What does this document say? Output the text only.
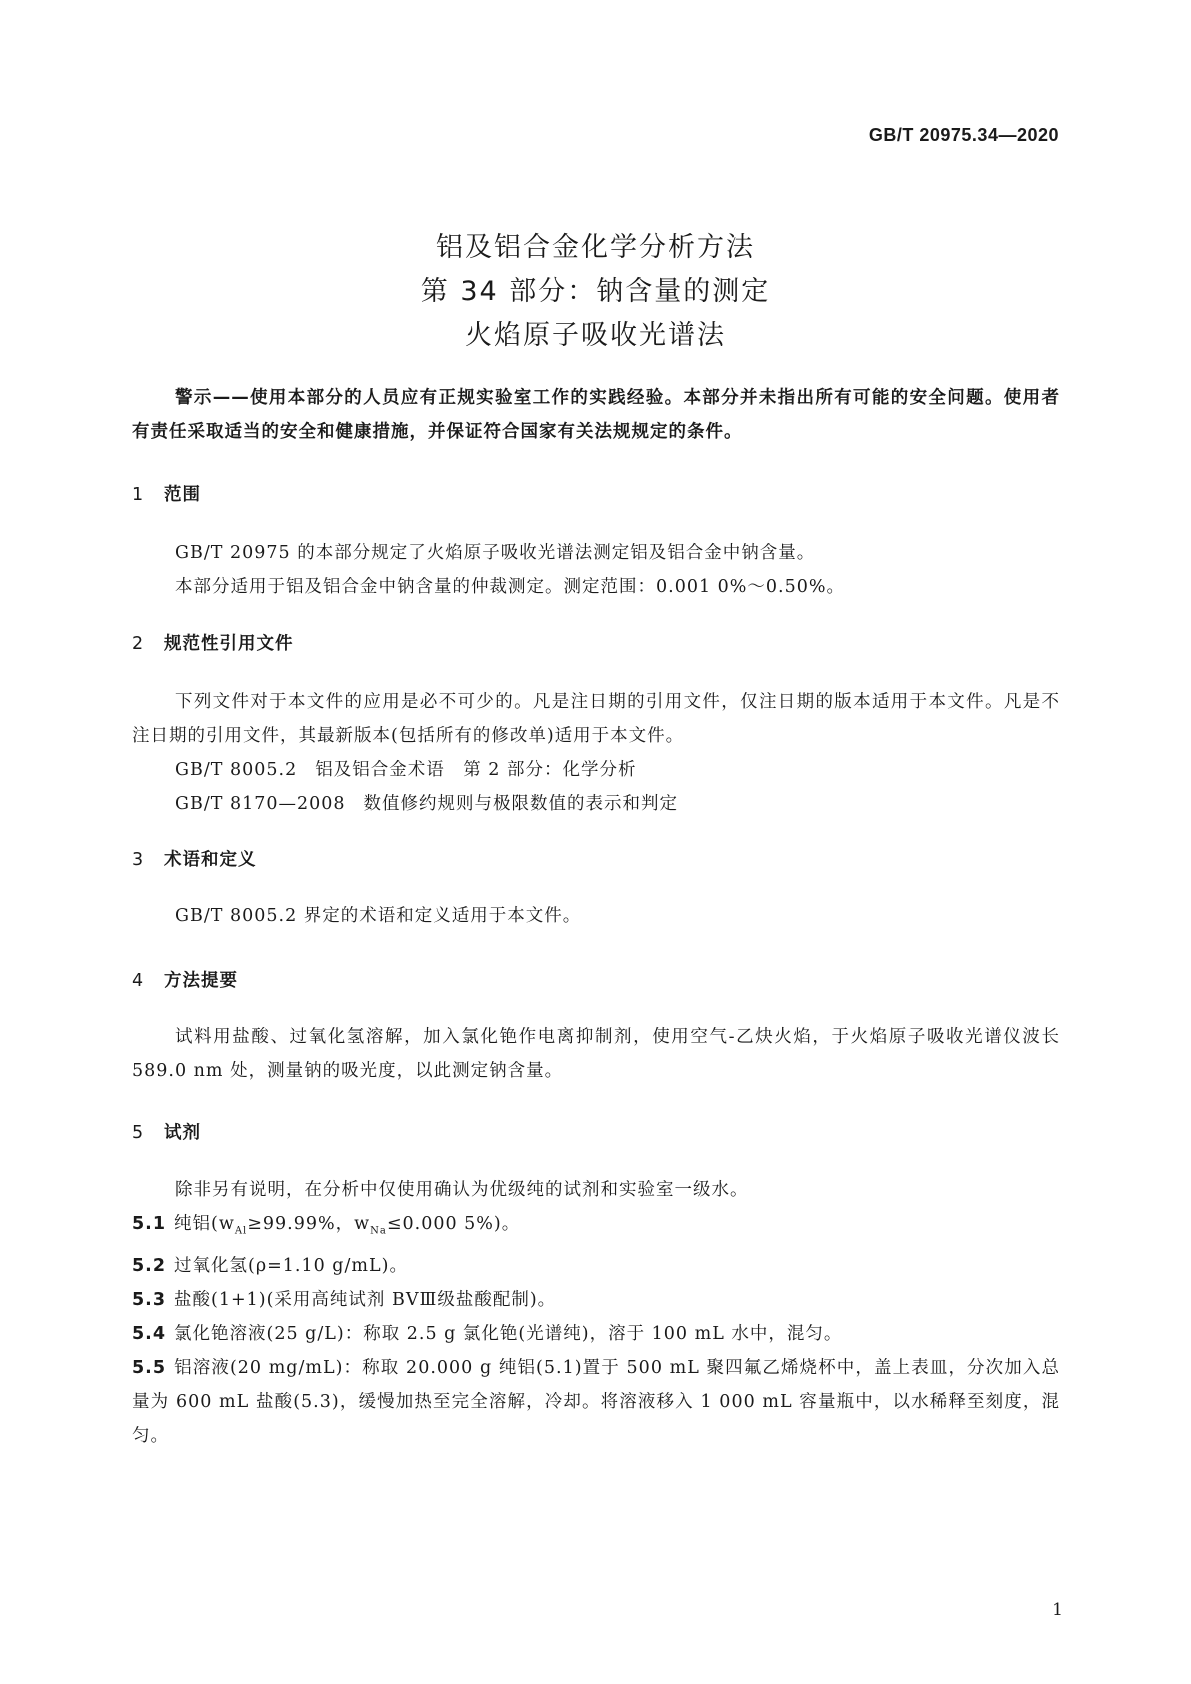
GB/T 20975.34—2020
铝及铝合金化学分析方法
第 34 部分：钠含量的测定
火焰原子吸收光谱法

警示——使用本部分的人员应有正规实验室工作的实践经验。本部分并未指出所有可能的安全问题。使用者有责任采取适当的安全和健康措施，并保证符合国家有关法规规定的条件。

1 范围

GB/T 20975 的本部分规定了火焰原子吸收光谱法测定铝及铝合金中钠含量。

本部分适用于铝及铝合金中钠含量的仲裁测定。测定范围：0.001 0%～0.50%。

2 规范性引用文件

下列文件对于本文件的应用是必不可少的。凡是注日期的引用文件，仅注日期的版本适用于本文件。凡是不注日期的引用文件，其最新版本(包括所有的修改单)适用于本文件。

GB/T 8005.2 铝及铝合金术语　第 2 部分：化学分析

GB/T 8170—2008 数值修约规则与极限数值的表示和判定

3 术语和定义

GB/T 8005.2 界定的术语和定义适用于本文件。

4 方法提要

试料用盐酸、过氧化氢溶解，加入氯化铯作电离抑制剂，使用空气-乙炔火焰，于火焰原子吸收光谱仪波长 589.0 nm 处，测量钠的吸光度，以此测定钠含量。

5 试剂

除非另有说明，在分析中仅使用确认为优级纯的试剂和实验室一级水。

5.1 纯铝($w_{Al}\ge 99.99\%$，$w_{Na}\le 0.000$ 5%)。

5.2 过氧化氢(ρ=1.10 g/mL)。

5.3 盐酸(1+1)(采用高纯试剂 BVⅢ级盐酸配制)。

5.4 氯化铯溶液(25 g/L)：称取 2.5 g 氯化铯(光谱纯)，溶于 100 mL 水中，混匀。

5.5 铝溶液(20 mg/mL)：称取 20.000 g 纯铝(5.1)置于 500 mL 聚四氟乙烯烧杯中，盖上表皿，分次加入总量为 600 mL 盐酸(5.3)，缓慢加热至完全溶解，冷却。将溶液移入 1 000 mL 容量瓶中，以水稀释至刻度，混匀。

1
